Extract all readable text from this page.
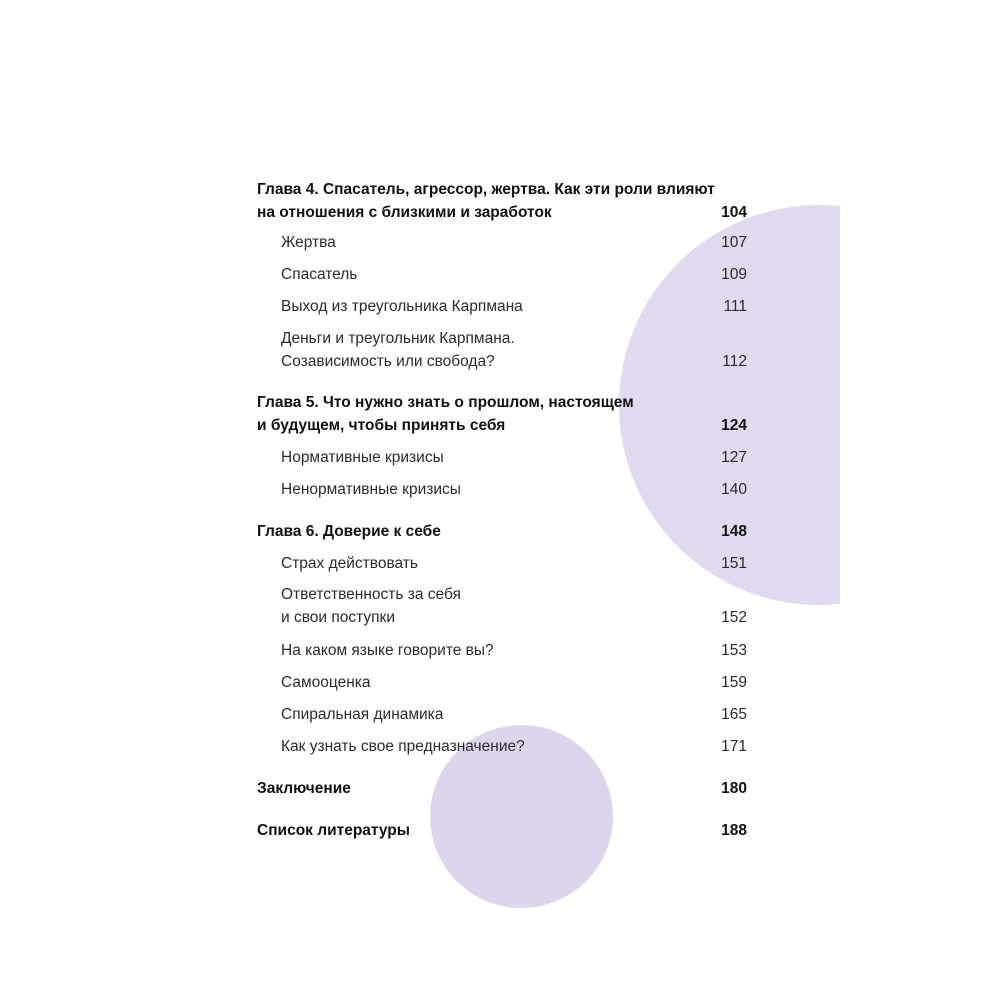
Глава 4. Спасатель, агрессор, жертва. Как эти роли влияют
на отношения с близкими и заработок	104
Жертва	107
Спасатель	109
Выход из треугольника Карпмана	111
Деньги и треугольник Карпмана.
Созависимость или свобода?	112
Глава 5. Что нужно знать о прошлом, настоящем
и будущем, чтобы принять себя	124
Нормативные кризисы	127
Ненормативные кризисы	140
Глава 6. Доверие к себе	148
Страх действовать	151
Ответственность за себя
и свои поступки	152
На каком языке говорите вы?	153
Самооценка	159
Спиральная динамика	165
Как узнать свое предназначение?	171
Заключение	180
Список литературы	188
